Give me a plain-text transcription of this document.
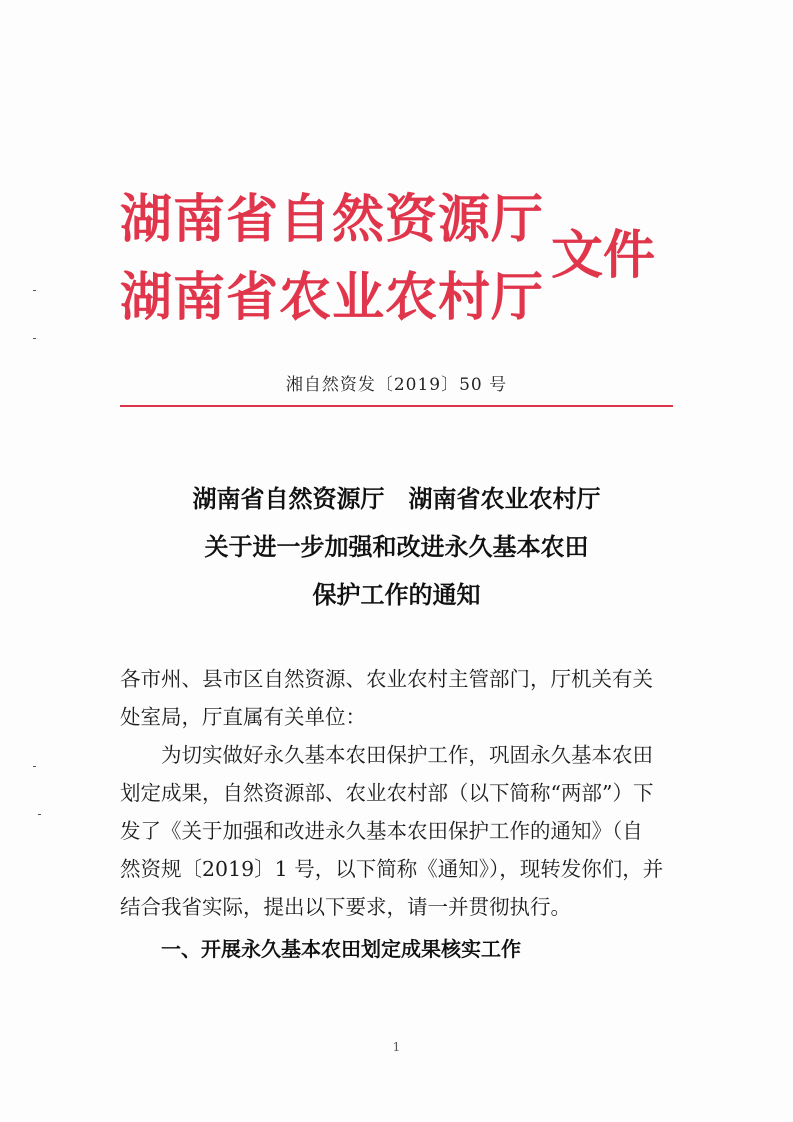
湖南省自然资源厅
湖南省农业农村厅
文件
湘自然资发〔2019〕50 号
湖南省自然资源厅　湖南省农业农村厅
关于进一步加强和改进永久基本农田
保护工作的通知

各市州、县市区自然资源、农业农村主管部门，厅机关有关
处室局，厅直属有关单位：

为切实做好永久基本农田保护工作，巩固永久基本农田

划定成果，自然资源部、农业农村部（以下简称“两部”）下
发了《关于加强和改进永久基本农田保护工作的通知》（自
然资规〔2019〕1 号，以下简称《通知》），现转发你们，并
结合我省实际，提出以下要求，请一并贯彻执行。

一、开展永久基本农田划定成果核实工作
1
